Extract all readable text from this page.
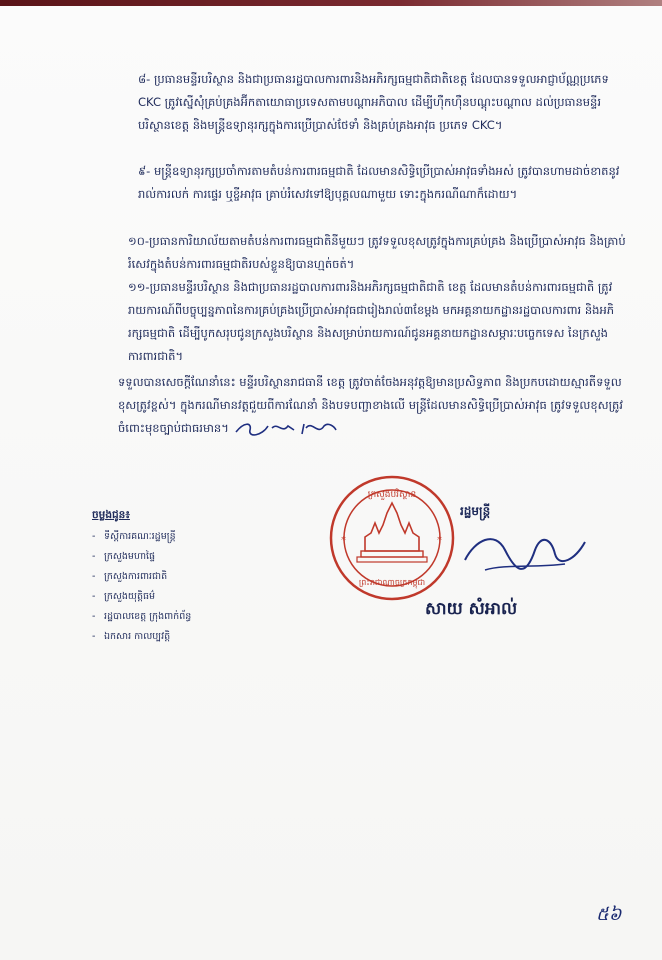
៨- ប្រធានមន្ទីរបរិស្ថាន និងជាប្រធានរដ្ឋបាលការពារនិងអភិរក្សធម្មជាតិជាតិខេត្ត ដែលបានទទួលអាជ្ញាប័ណ្ណប្រភេទ CKC ត្រូវស្នើសុំគ្រប់គ្រងអ៊ីកតាយោធាប្រទេសតាមបណ្តាអភិបាល ដើម្បីហ៊ឺកហ៊ឺនបណ្តុះបណ្តាល ដល់ប្រធានមន្ទីរបរិស្ថានខេត្ត និងមន្ត្រីឧទ្យានុរក្សក្នុងការប្រើប្រាស់ថែទាំ និងគ្រប់គ្រងអាវុធ ប្រភេទ CKC។
៩- មន្ត្រីឧទ្យានុរក្សប្រចាំការតាមតំបន់ការពារធម្មជាតិ ដែលមានសិទ្ធិប្រើប្រាស់អាវុធទាំងអស់ ត្រូវបានហាមដាច់ខាតនូវរាល់ការលក់ ការផ្ទេរ ឬខ្ចីអាវុធ គ្រាប់រំសេវទៅឱ្យបុគ្គលណាមួយ ទោះក្នុងករណីណាក៏ដោយ។
១០-ប្រធានការិយាល័យតាមតំបន់ការពារធម្មជាតិនីមួយៗ ត្រូវទទួលខុសត្រូវក្នុងការគ្រប់គ្រង និងប្រើប្រាស់អាវុធ និងគ្រាប់រំសេវក្នុងតំបន់ការពារធម្មជាតិរបស់ខ្លួនឱ្យបានហ្មត់ចត់។
១១-ប្រធានមន្ទីរបរិស្ថាន និងជាប្រធានរដ្ឋបាលការពារនិងអភិរក្សធម្មជាតិជាតិ ខេត្ត ដែលមានតំបន់ការពារធម្មជាតិ ត្រូវរាយការណ៍ពីបច្ចុប្បន្នភាពនៃការគ្រប់គ្រងប្រើប្រាស់អាវុធជារៀងរាល់៣ខែម្តង មកអគ្គនាយកដ្ឋានរដ្ឋបាលការពារ និងអភិរក្សធម្មជាតិ ដើម្បីបូកសរុបជូនក្រសួងបរិស្ថាន និងសម្រាប់រាយការណ៍ជូនអគ្គនាយកដ្ឋានសម្ភារៈបច្ចេកទេស នៃក្រសួងការពារជាតិ។
ទទួលបានសេចក្តីណែនាំនេះ មន្ទីរបរិស្ថានរាជធានី ខេត្ត ត្រូវចាត់ចែងអនុវត្តឱ្យមានប្រសិទ្ធភាព និងប្រកបដោយស្មារតីទទួលខុសត្រូវខ្ពស់។ ក្នុងករណីមានវត្តជួយពីការណែនាំ និងបទបញ្ជាខាងលើ មន្ត្រីដែលមានសិទ្ធិប្រើប្រាស់អាវុធ ត្រូវទទួលខុសត្រូវចំពោះមុខច្បាប់ជាធរមាន។
ចម្លងជូន៖
- ទីស្តីការគណៈរដ្ឋមន្ត្រី
- ក្រសួងមហាផ្ទៃ
- ក្រសួងការពារជាតិ
- ក្រសួងយុត្តិធម៌
- រដ្ឋបាលខេត្ត ក្រុងពាក់ព័ន្ធ
- ឯកសារ កាលប្បវត្តិ
រដ្ឋមន្ត្រី
ក្រសួងបរិស្ថាន
ព្រះរាជាណាចក្រកម្ពុជា
*	*
សាយ សំអាល់
៥៦
